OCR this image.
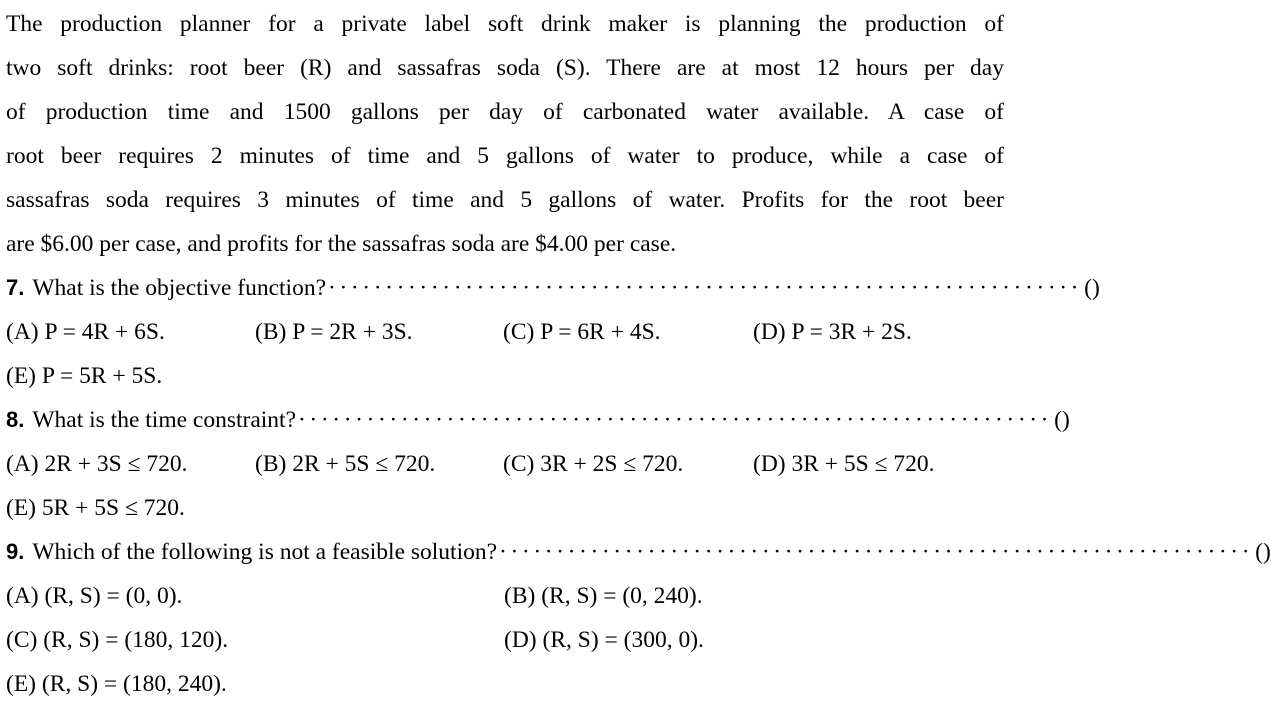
The production planner for a private label soft drink maker is planning the production of
two soft drinks: root beer (R) and sassafras soda (S). There are at most 12 hours per day
of production time and 1500 gallons per day of carbonated water available. A case of
root beer requires 2 minutes of time and 5 gallons of water to produce, while a case of
sassafras soda requires 3 minutes of time and 5 gallons of water. Profits for the root beer
are $6.00 per case, and profits for the sassafras soda are $4.00 per case.
7. What is the objective function? ·································································· ( )
(A) P = 4R + 6S.	(B) P = 2R + 3S.	(C) P = 6R + 4S.	(D) P = 3R + 2S.
(E) P = 5R + 5S.
8. What is the time constraint? ·································································· ( )
(A) 2R + 3S ≤ 720.	(B) 2R + 5S ≤ 720.	(C) 3R + 2S ≤ 720.	(D) 3R + 5S ≤ 720.
(E) 5R + 5S ≤ 720.
9. Which of the following is not a feasible solution? ·································································· ( )
(A) (R, S) = (0, 0).	(B) (R, S) = (0, 240).
(C) (R, S) = (180, 120).	(D) (R, S) = (300, 0).
(E) (R, S) = (180, 240).
